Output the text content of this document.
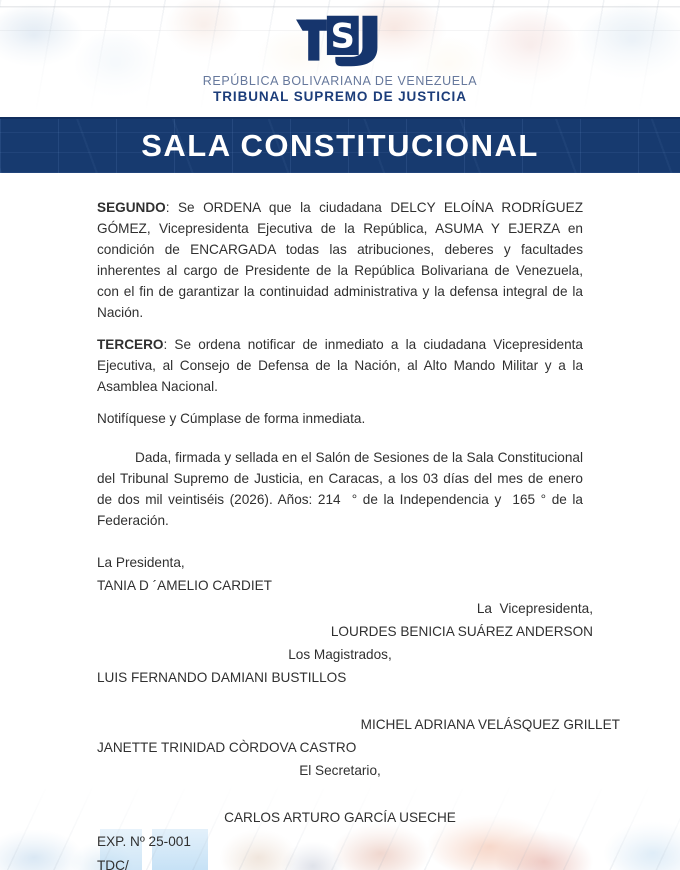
S
REPÚBLICA BOLIVARIANA DE VENEZUELA
TRIBUNAL SUPREMO DE JUSTICIA
SALA CONSTITUCIONAL

SEGUNDO: Se ORDENA que la ciudadana DELCY ELOÍNA RODRÍGUEZ GÓMEZ, Vicepresidenta Ejecutiva de la República, ASUMA Y EJERZA en condición de ENCARGADA todas las atribuciones, deberes y facultades inherentes al cargo de Presidente de la República Bolivariana de Venezuela, con el fin de garantizar la continuidad administrativa y la defensa integral de la Nación.

TERCERO: Se ordena notificar de inmediato a la ciudadana Vicepresidenta Ejecutiva, al Consejo de Defensa de la Nación, al Alto Mando Militar y a la Asamblea Nacional.

Notifíquese y Cúmplase de forma inmediata.

Dada, firmada y sellada en el Salón de Sesiones de la Sala Constitucional del Tribunal Supremo de Justicia, en Caracas, a los 03 días del mes de enero de dos mil veintiséis (2026). Años: 214  ° de la Independencia y  165 ° de la Federación.

La Presidenta,
TANIA D ´AMELIO CARDIET
La  Vicepresidenta,
LOURDES BENICIA SUÁREZ ANDERSON
Los Magistrados,
LUIS FERNANDO DAMIANI BUSTILLOS
MICHEL ADRIANA VELÁSQUEZ GRILLET
JANETTE TRINIDAD CÒRDOVA CASTRO
El Secretario,
CARLOS ARTURO GARCÍA USECHE
EXP. Nº 25-001
TDC/
